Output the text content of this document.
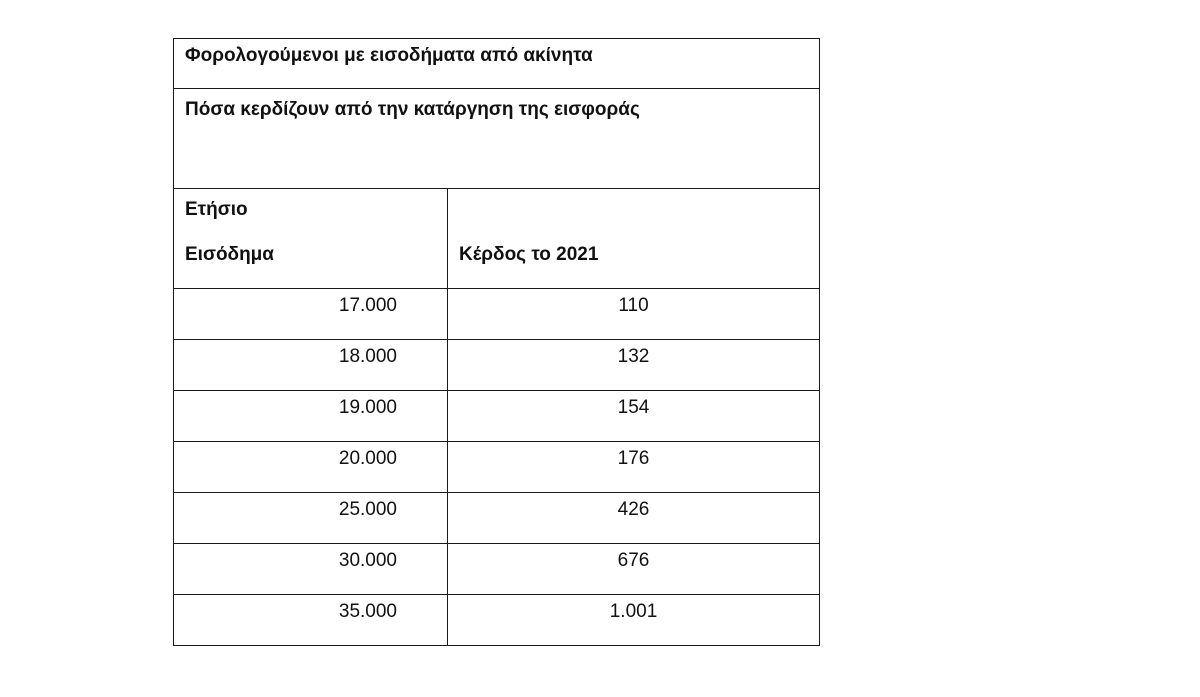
Φορολογούμενοι με εισοδήματα από ακίνητα	
Πόσα κερδίζουν από την κατάργηση της εισφοράς	

Ετήσιο
Εισόδημα	Κέρδος το 2021

17.000	110
18.000	132
19.000	154
20.000	176
25.000	426
30.000	676
35.000	1.001
